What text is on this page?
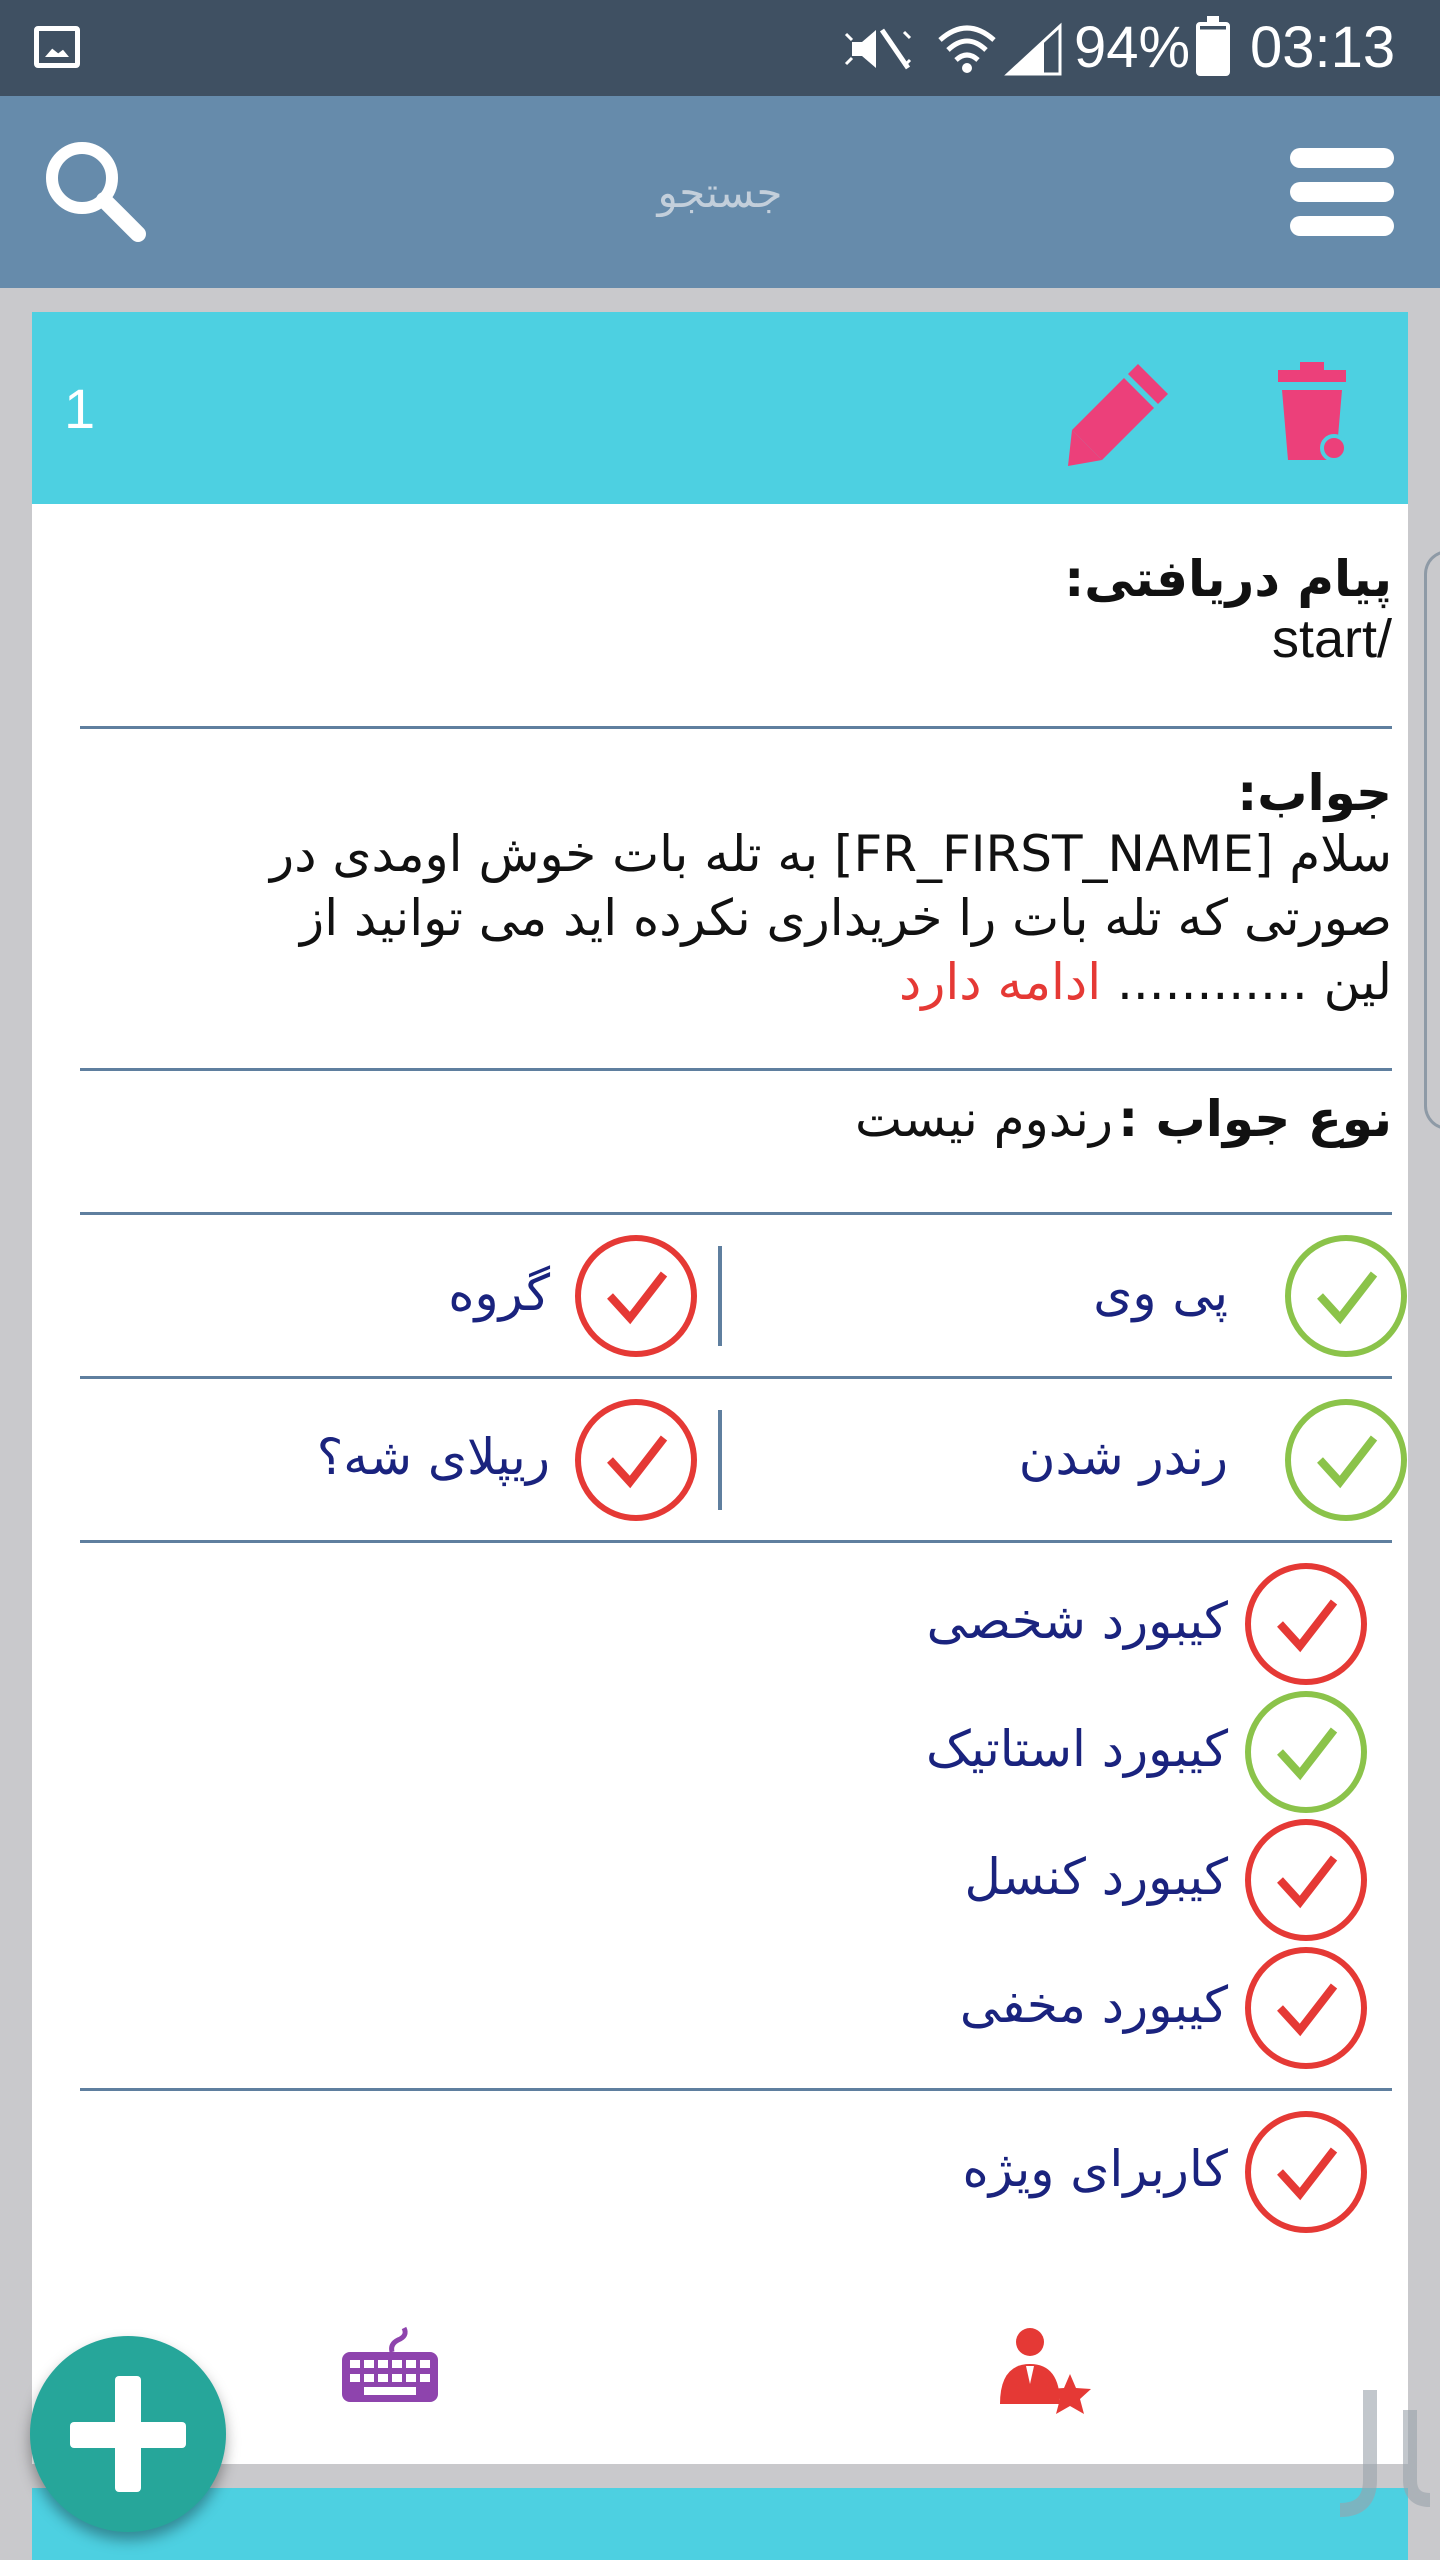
94% 03:13
جستجو
1
پیام دریافتی:
/start
جواب:
سلام [FR_FIRST_NAME] به تله بات خوش اومدی در صورتی که تله بات را خریداری نکرده اید می توانید از لین ............ ادامه دارد
نوع جواب : رندوم نیست
پی وی
گروه
رندر شدن
ریپلای شه؟
کیبورد شخصی
کیبورد استاتیک
کیبورد کنسل
کیبورد مخفی
کاربرای ویژه
